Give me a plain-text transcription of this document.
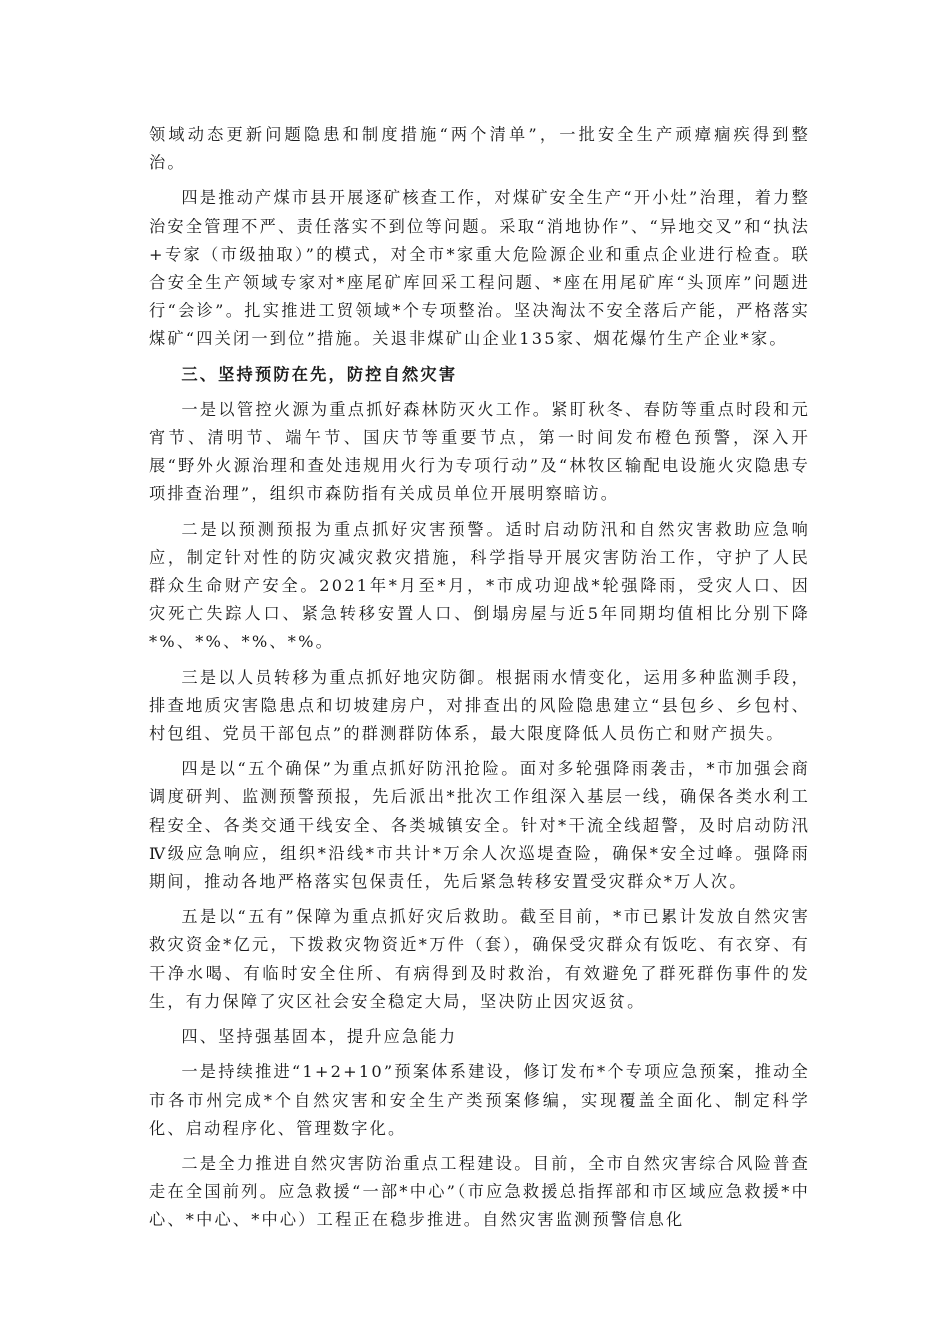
领域动态更新问题隐患和制度措施“两个清单”，一批安全生产顽瘴痼疾得到整治。

四是推动产煤市县开展逐矿核查工作，对煤矿安全生产“开小灶”治理，着力整治安全管理不严、责任落实不到位等问题。采取“消地协作”、“异地交叉”和“执法+专家（市级抽取）”的模式，对全市*家重大危险源企业和重点企业进行检查。联合安全生产领域专家对*座尾矿库回采工程问题、*座在用尾矿库“头顶库”问题进行“会诊”。扎实推进工贸领域*个专项整治。坚决淘汰不安全落后产能，严格落实煤矿“四关闭一到位”措施。关退非煤矿山企业135家、烟花爆竹生产企业*家。

三、坚持预防在先，防控自然灾害

一是以管控火源为重点抓好森林防灭火工作。紧盯秋冬、春防等重点时段和元宵节、清明节、端午节、国庆节等重要节点，第一时间发布橙色预警，深入开展“野外火源治理和查处违规用火行为专项行动”及“林牧区输配电设施火灾隐患专项排查治理”，组织市森防指有关成员单位开展明察暗访。

二是以预测预报为重点抓好灾害预警。适时启动防汛和自然灾害救助应急响应，制定针对性的防灾减灾救灾措施，科学指导开展灾害防治工作，守护了人民群众生命财产安全。2021年*月至*月，*市成功迎战*轮强降雨，受灾人口、因灾死亡失踪人口、紧急转移安置人口、倒塌房屋与近5年同期均值相比分别下降*%、*%、*%、*%。

三是以人员转移为重点抓好地灾防御。根据雨水情变化，运用多种监测手段，排查地质灾害隐患点和切坡建房户，对排查出的风险隐患建立“县包乡、乡包村、村包组、党员干部包点”的群测群防体系，最大限度降低人员伤亡和财产损失。

四是以“五个确保”为重点抓好防汛抢险。面对多轮强降雨袭击，*市加强会商调度研判、监测预警预报，先后派出*批次工作组深入基层一线，确保各类水利工程安全、各类交通干线安全、各类城镇安全。针对*干流全线超警，及时启动防汛Ⅳ级应急响应，组织*沿线*市共计*万余人次巡堤查险，确保*安全过峰。强降雨期间，推动各地严格落实包保责任，先后紧急转移安置受灾群众*万人次。

五是以“五有”保障为重点抓好灾后救助。截至目前，*市已累计发放自然灾害救灾资金*亿元，下拨救灾物资近*万件（套），确保受灾群众有饭吃、有衣穿、有干净水喝、有临时安全住所、有病得到及时救治，有效避免了群死群伤事件的发生，有力保障了灾区社会安全稳定大局，坚决防止因灾返贫。

四、坚持强基固本，提升应急能力

一是持续推进“1+2+10”预案体系建设，修订发布*个专项应急预案，推动全市各市州完成*个自然灾害和安全生产类预案修编，实现覆盖全面化、制定科学化、启动程序化、管理数字化。

二是全力推进自然灾害防治重点工程建设。目前，全市自然灾害综合风险普查走在全国前列。应急救援“一部*中心”（市应急救援总指挥部和市区域应急救援*中心、*中心、*中心）工程正在稳步推进。自然灾害监测预警信息化
